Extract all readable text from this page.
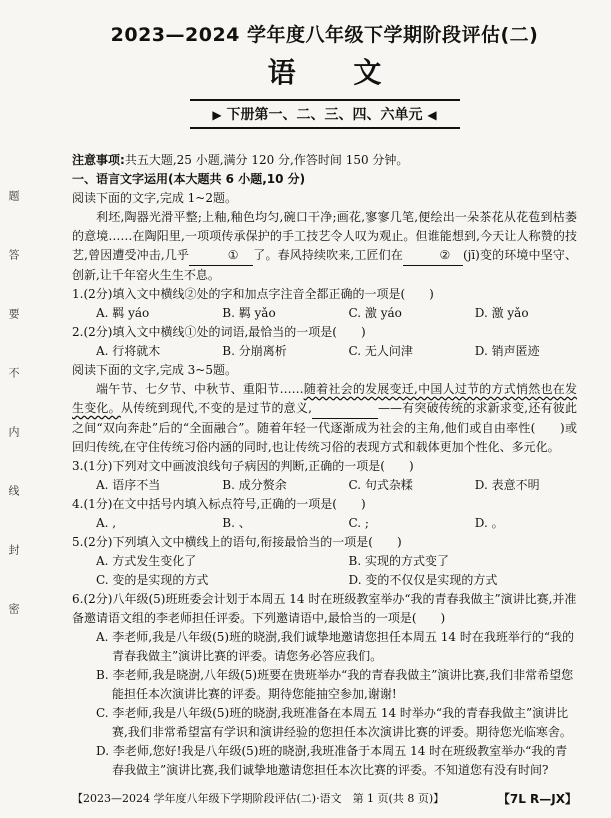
题
答
要
不
内
线
封
密
2023—2024 学年度八年级下学期阶段评估(二)
语 文
▶ 下册第一、二、三、四、六单元 ◀
注意事项:共五大题,25 小题,满分 120 分,作答时间 150 分钟。
一、语言文字运用(本大题共 6 小题,10 分)
阅读下面的文字,完成 1~2题。
利坯,陶器光滑平整;上釉,釉色均匀,碗口干净;画花,寥寥几笔,便绘出一朵茶花从花苞到枯萎的意境……在陶阳里,一项项传承保护的手工技艺令人叹为观止。但谁能想到,今天让人称赞的技艺,曾因遭受冲击,几乎	① 了。春风持续吹来,工匠们在	② (jī)变的环境中坚守、创新,让千年窑火生生不息。
1.(2分)填入文中横线②处的字和加点字注音全都正确的一项是(　　)
A. 羁 yáo	B. 羁 yǎo	C. 激 yáo	D. 激 yǎo
2.(2分)填入文中横线①处的词语,最恰当的一项是(　　)
A. 行将就木	B. 分崩离析	C. 无人问津	D. 销声匿迹
阅读下面的文字,完成 3~5题。
端午节、七夕节、中秋节、重阳节……随着社会的发展变迁,中国人过节的方式悄然也在发生变化。从传统到现代,不变的是过节的意义,	——有突破传统的求新求变,还有彼此之间“双向奔赴”后的“全面融合”。随着年轻一代逐渐成为社会的主角,他们或自由率性(　　)或回归传统,在守住传统习俗内涵的同时,也让传统习俗的表现方式和载体更加个性化、多元化。
3.(1分)下列对文中画波浪线句子病因的判断,正确的一项是(　　)
A. 语序不当	B. 成分赘余	C. 句式杂糅	D. 表意不明
4.(1分)在文中括号内填入标点符号,正确的一项是(　　)
A. ,	B. 、	C. ;	D. 。
5.(2分)下列填入文中横线上的语句,衔接最恰当的一项是(　　)
A. 方式发生变化了	B. 实现的方式变了
C. 变的是实现的方式	D. 变的不仅仅是实现的方式
6.(2分)八年级(5)班班委会计划于本周五 14 时在班级教室举办“我的青春我做主”演讲比赛,并准备邀请语文组的李老师担任评委。下列邀请语中,最恰当的一项是(　　)
A. 李老师,我是八年级(5)班的晓澍,我们诚挚地邀请您担任本周五 14 时在我班举行的“我的青春我做主”演讲比赛的评委。请您务必答应我们。
B. 李老师,我是晓澍,八年级(5)班要在贵班举办“我的青春我做主”演讲比赛,我们非常希望您能担任本次演讲比赛的评委。期待您能抽空参加,谢谢!
C. 李老师,我是八年级(5)班的晓澍,我班准备在本周五 14 时举办“我的青春我做主”演讲比赛,我们非常希望富有学识和演讲经验的您担任本次演讲比赛的评委。期待您光临寒舍。
D. 李老师,您好!我是八年级(5)班的晓澍,我班准备于本周五 14 时在班级教室举办“我的青春我做主”演讲比赛,我们诚挚地邀请您担任本次比赛的评委。不知道您有没有时间?
【2023—2024 学年度八年级下学期阶段评估(二)·语文　第 1 页(共 8 页)】	【7L R—JX】
